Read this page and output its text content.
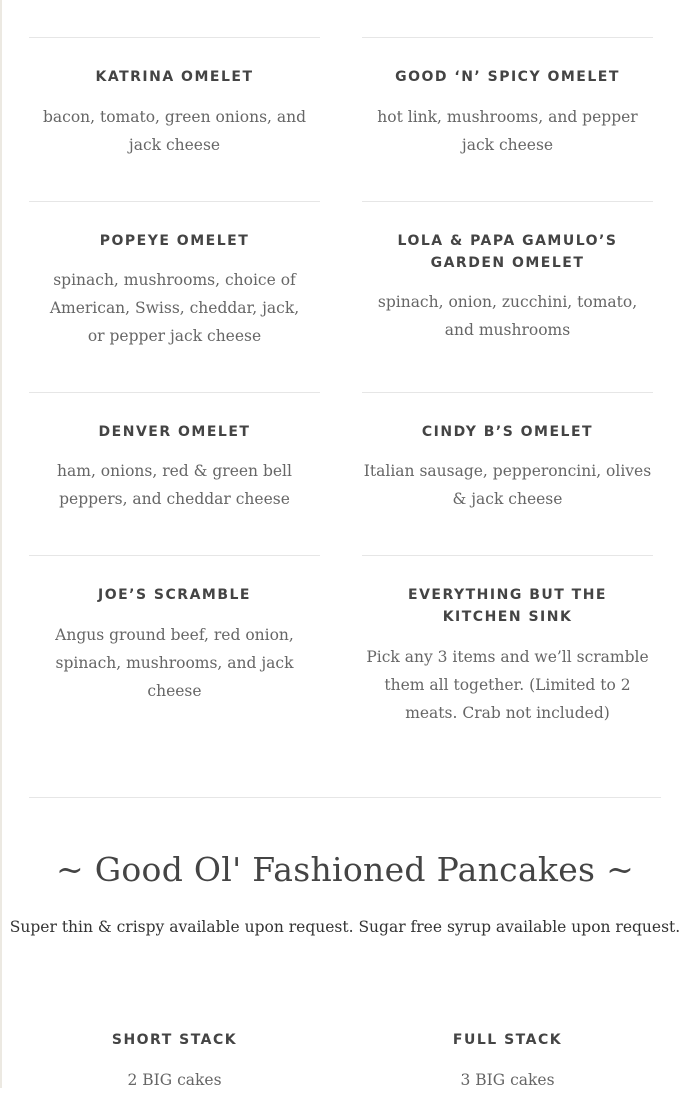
KATRINA OMELET

bacon, tomato, green onions, and jack cheese

GOOD ‘N’ SPICY OMELET

hot link, mushrooms, and pepper jack cheese

POPEYE OMELET

spinach, mushrooms, choice of American, Swiss, cheddar, jack, or pepper jack cheese

LOLA & PAPA GAMULO’S GARDEN OMELET

spinach, onion, zucchini, tomato, and mushrooms

DENVER OMELET

ham, onions, red & green bell peppers, and cheddar cheese

CINDY B’S OMELET

Italian sausage, pepperoncini, olives & jack cheese

JOE’S SCRAMBLE

Angus ground beef, red onion, spinach, mushrooms, and jack cheese

EVERYTHING BUT THE KITCHEN SINK

Pick any 3 items and we’ll scramble them all together. (Limited to 2 meats. Crab not included)

~ Good Ol' Fashioned Pancakes ~
Super thin & crispy available upon request. Sugar free syrup available upon request.
SHORT STACK

2 BIG cakes

FULL STACK

3 BIG cakes
